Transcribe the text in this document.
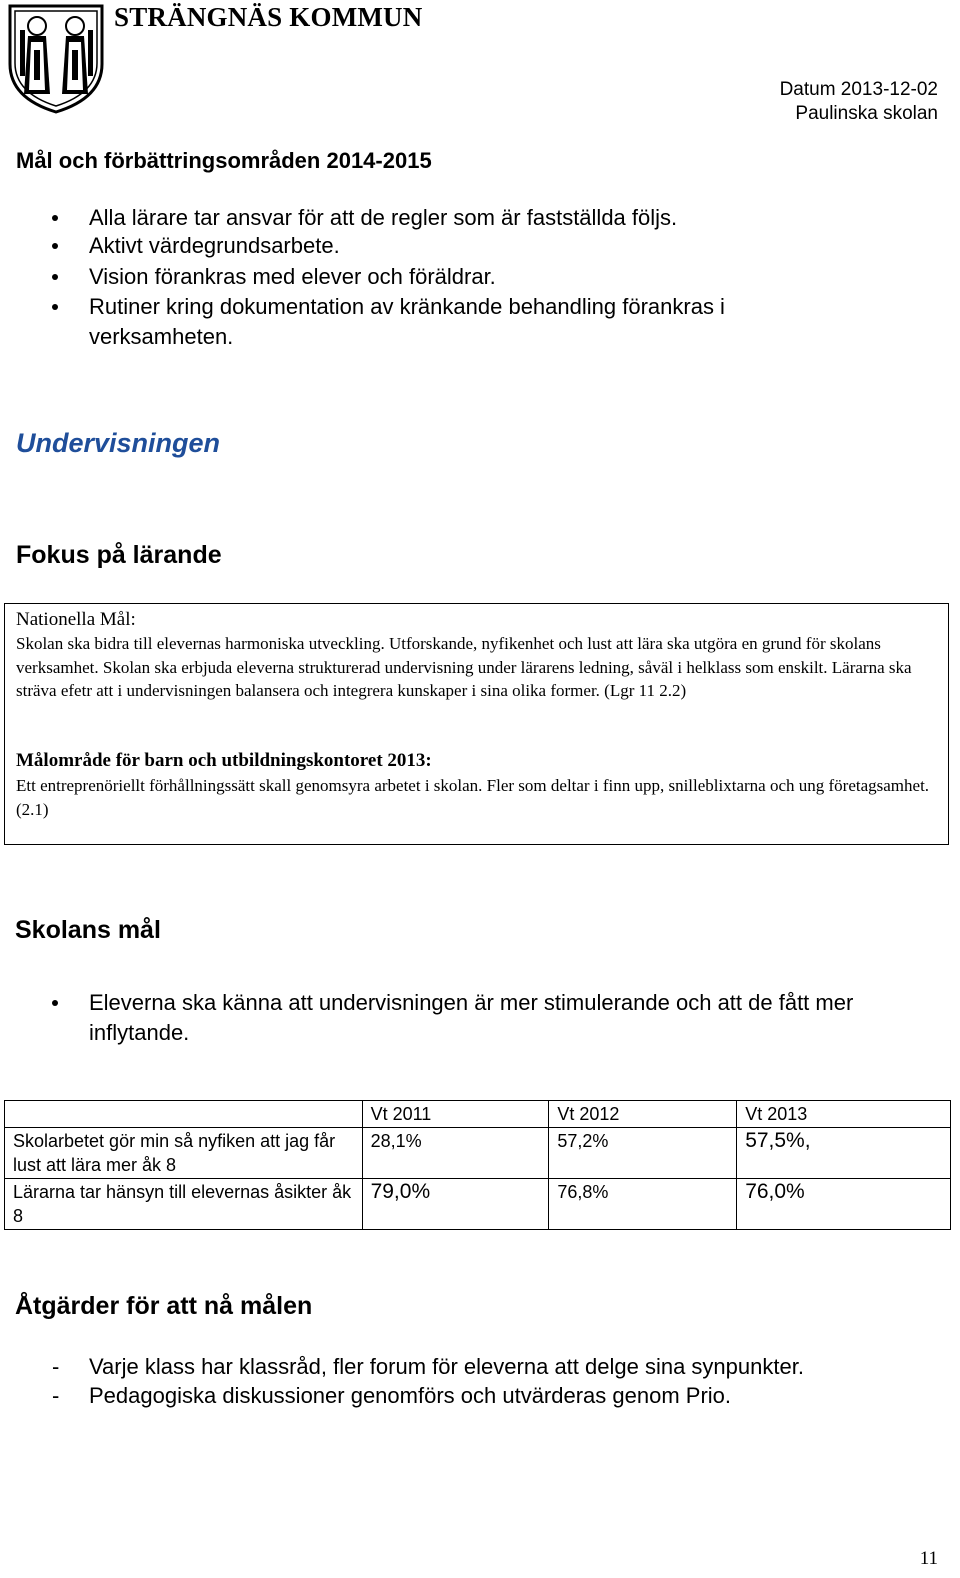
STRÄNGNÄS KOMMUN
Datum 2013-12-02
Paulinska skolan
Mål och förbättringsområden 2014-2015
Alla lärare tar ansvar för att de regler som är fastställda följs.
Aktivt värdegrundsarbete.
Vision förankras med elever och föräldrar.
Rutiner kring dokumentation av kränkande behandling förankras i verksamheten.
Undervisningen
Fokus på lärande
Nationella Mål:
Skolan ska bidra till elevernas harmoniska utveckling. Utforskande, nyfikenhet och lust att lära ska utgöra en grund för skolans verksamhet. Skolan ska erbjuda eleverna strukturerad undervisning under lärarens ledning, såväl i helklass som enskilt. Lärarna ska sträva efetr att i undervisningen balansera och integrera kunskaper i sina olika former. (Lgr 11 2.2)
Målområde för barn och utbildningskontoret 2013:
Ett entreprenöriellt förhållningssätt skall genomsyra arbetet i skolan. Fler som deltar i finn upp, snilleblixtarna och ung företagsamhet.(2.1)
Skolans mål
Eleverna ska känna att undervisningen är mer stimulerande och att de fått mer inflytande.
	Vt 2011	Vt 2012	Vt 2013
Skolarbetet gör min så nyfiken att jag får lust att lära mer åk 8	28,1%	57,2%	57,5%,
Lärarna tar hänsyn till elevernas åsikter åk 8	79,0%	76,8%	76,0%
Åtgärder för att nå målen
- Varje klass har klassråd, fler forum för eleverna att delge sina synpunkter.
- Pedagogiska diskussioner genomförs och utvärderas genom Prio.
11
